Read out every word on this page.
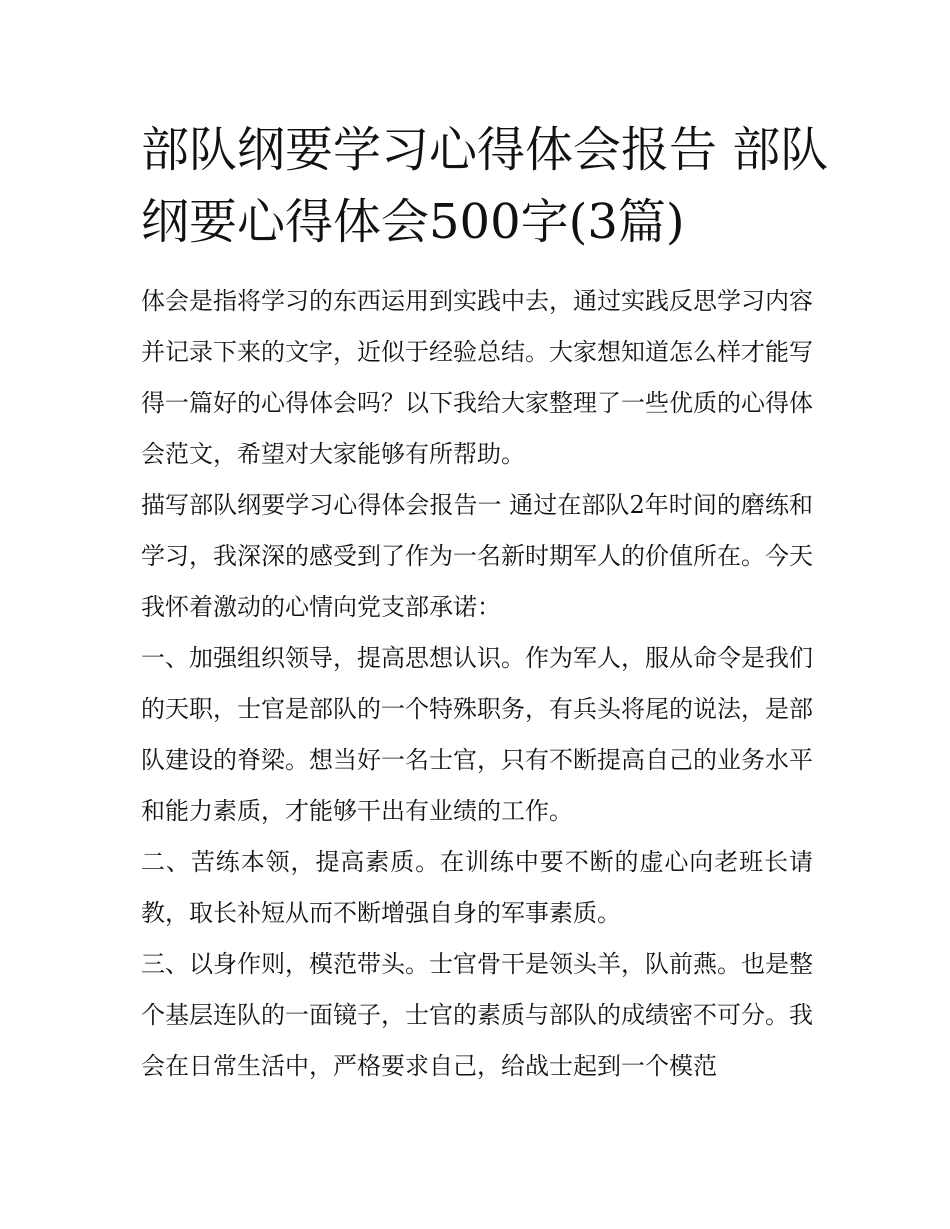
部队纲要学习心得体会报告 部队纲要心得体会500字(3篇)

体会是指将学习的东西运用到实践中去，通过实践反思学习内容并记录下来的文字，近似于经验总结。大家想知道怎么样才能写得一篇好的心得体会吗？以下我给大家整理了一些优质的心得体会范文，希望对大家能够有所帮助。

描写部队纲要学习心得体会报告一 通过在部队2年时间的磨练和学习，我深深的感受到了作为一名新时期军人的价值所在。今天我怀着激动的心情向党支部承诺：

一、加强组织领导，提高思想认识。作为军人，服从命令是我们的天职，士官是部队的一个特殊职务，有兵头将尾的说法，是部队建设的脊梁。想当好一名士官，只有不断提高自己的业务水平和能力素质，才能够干出有业绩的工作。

二、苦练本领，提高素质。在训练中要不断的虚心向老班长请教，取长补短从而不断增强自身的军事素质。

三、以身作则，模范带头。士官骨干是领头羊，队前燕。也是整个基层连队的一面镜子，士官的素质与部队的成绩密不可分。我会在日常生活中，严格要求自己，给战士起到一个模范
